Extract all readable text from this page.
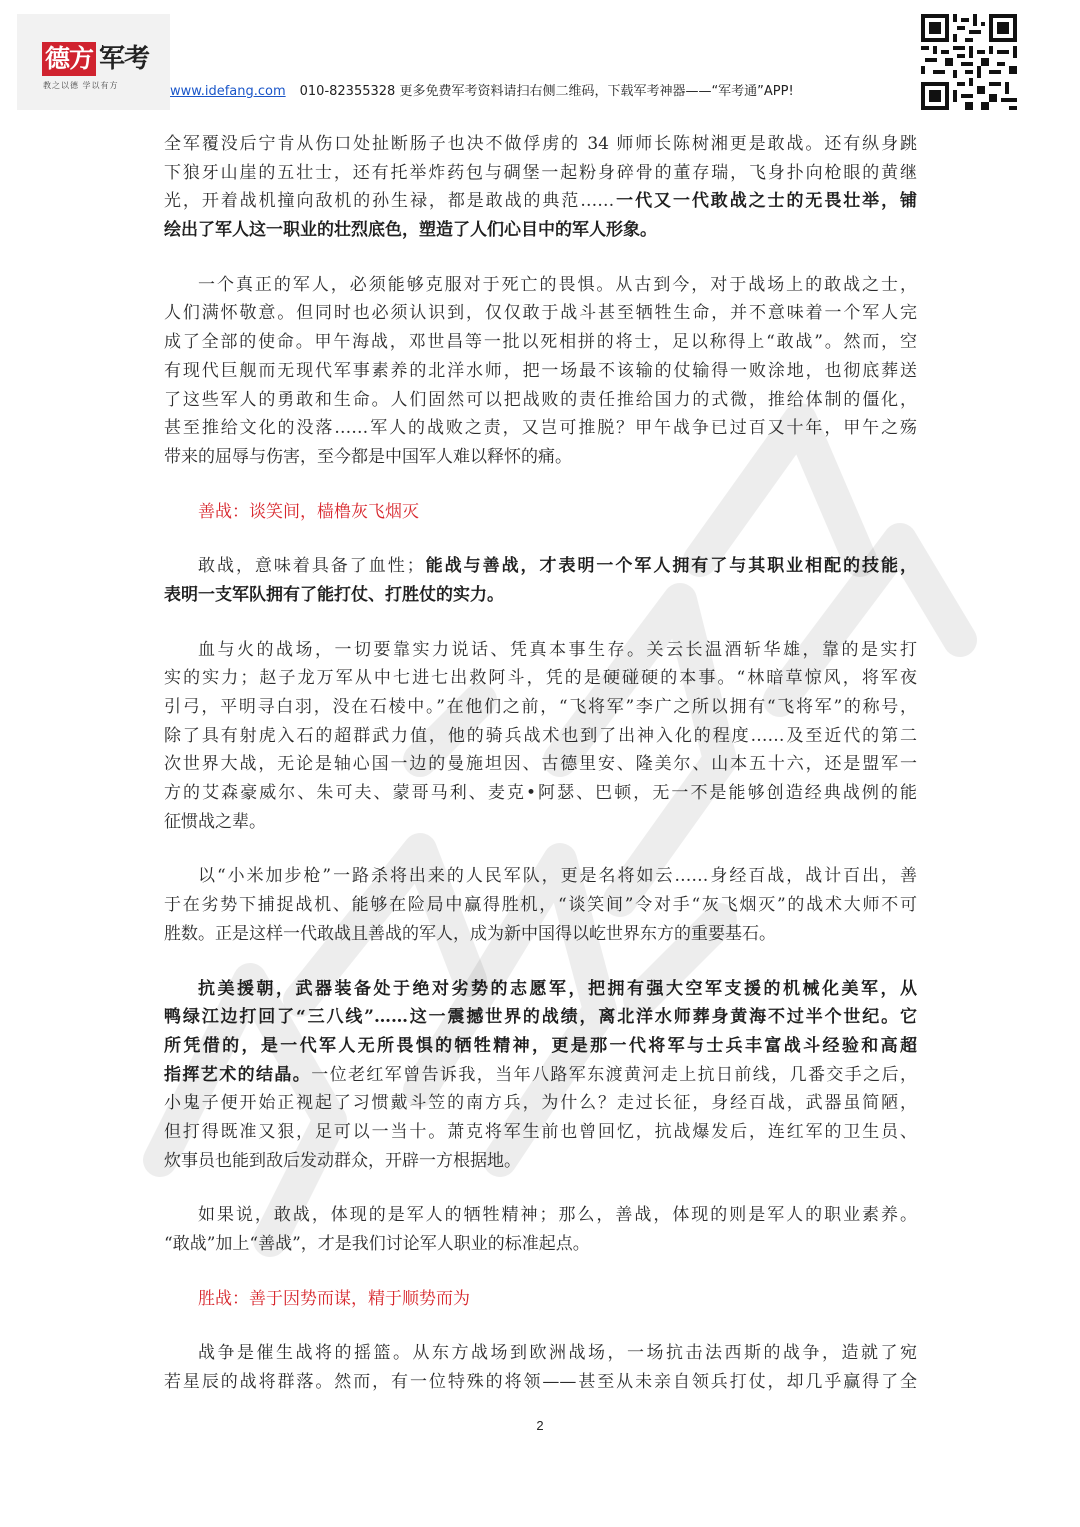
德方 军考
教之以德 学以有方	www.idefang.com 010-82355328 更多免费军考资料请扫右侧二维码，下载军考神器——“军考通”APP!

全军覆没后宁肯从伤口处扯断肠子也决不做俘虏的 34 师师长陈树湘更是敢战。还有纵身跳
下狼牙山崖的五壮士，还有托举炸药包与碉堡一起粉身碎骨的董存瑞，飞身扑向枪眼的黄继
光，开着战机撞向敌机的孙生禄，都是敢战的典范……一代又一代敢战之士的无畏壮举，铺
绘出了军人这一职业的壮烈底色，塑造了人们心目中的军人形象。

一个真正的军人，必须能够克服对于死亡的畏惧。从古到今，对于战场上的敢战之士，
人们满怀敬意。但同时也必须认识到，仅仅敢于战斗甚至牺牲生命，并不意味着一个军人完
成了全部的使命。甲午海战，邓世昌等一批以死相拼的将士，足以称得上“敢战”。然而，空
有现代巨舰而无现代军事素养的北洋水师，把一场最不该输的仗输得一败涂地，也彻底葬送
了这些军人的勇敢和生命。人们固然可以把战败的责任推给国力的式微，推给体制的僵化，
甚至推给文化的没落……军人的战败之责，又岂可推脱？甲午战争已过百又十年，甲午之殇
带来的屈辱与伤害，至今都是中国军人难以释怀的痛。

善战：谈笑间，樯橹灰飞烟灭

敢战，意味着具备了血性；能战与善战，才表明一个军人拥有了与其职业相配的技能，
表明一支军队拥有了能打仗、打胜仗的实力。

血与火的战场，一切要靠实力说话、凭真本事生存。关云长温酒斩华雄，靠的是实打
实的实力；赵子龙万军从中七进七出救阿斗，凭的是硬碰硬的本事。“林暗草惊风，将军夜
引弓，平明寻白羽，没在石棱中。”在他们之前，“飞将军”李广之所以拥有“飞将军”的称号，
除了具有射虎入石的超群武力值，他的骑兵战术也到了出神入化的程度……及至近代的第二
次世界大战，无论是轴心国一边的曼施坦因、古德里安、隆美尔、山本五十六，还是盟军一
方的艾森豪威尔、朱可夫、蒙哥马利、麦克•阿瑟、巴顿，无一不是能够创造经典战例的能
征惯战之辈。

以“小米加步枪”一路杀将出来的人民军队，更是名将如云……身经百战，战计百出，善
于在劣势下捕捉战机、能够在险局中赢得胜机，“谈笑间”令对手“灰飞烟灭”的战术大师不可
胜数。正是这样一代敢战且善战的军人，成为新中国得以屹世界东方的重要基石。

抗美援朝，武器装备处于绝对劣势的志愿军，把拥有强大空军支援的机械化美军，从
鸭绿江边打回了“三八线”……这一震撼世界的战绩，离北洋水师葬身黄海不过半个世纪。它
所凭借的，是一代军人无所畏惧的牺牲精神，更是那一代将军与士兵丰富战斗经验和高超
指挥艺术的结晶。一位老红军曾告诉我，当年八路军东渡黄河走上抗日前线，几番交手之后，
小鬼子便开始正视起了习惯戴斗笠的南方兵，为什么？走过长征，身经百战，武器虽简陋，
但打得既准又狠，足可以一当十。萧克将军生前也曾回忆，抗战爆发后，连红军的卫生员、
炊事员也能到敌后发动群众，开辟一方根据地。

如果说，敢战，体现的是军人的牺牲精神；那么，善战，体现的则是军人的职业素养。
“敢战”加上“善战”，才是我们讨论军人职业的标准起点。

胜战：善于因势而谋，精于顺势而为

战争是催生战将的摇篮。从东方战场到欧洲战场，一场抗击法西斯的战争，造就了宛
若星辰的战将群落。然而，有一位特殊的将领——甚至从未亲自领兵打仗，却几乎赢得了全

2
